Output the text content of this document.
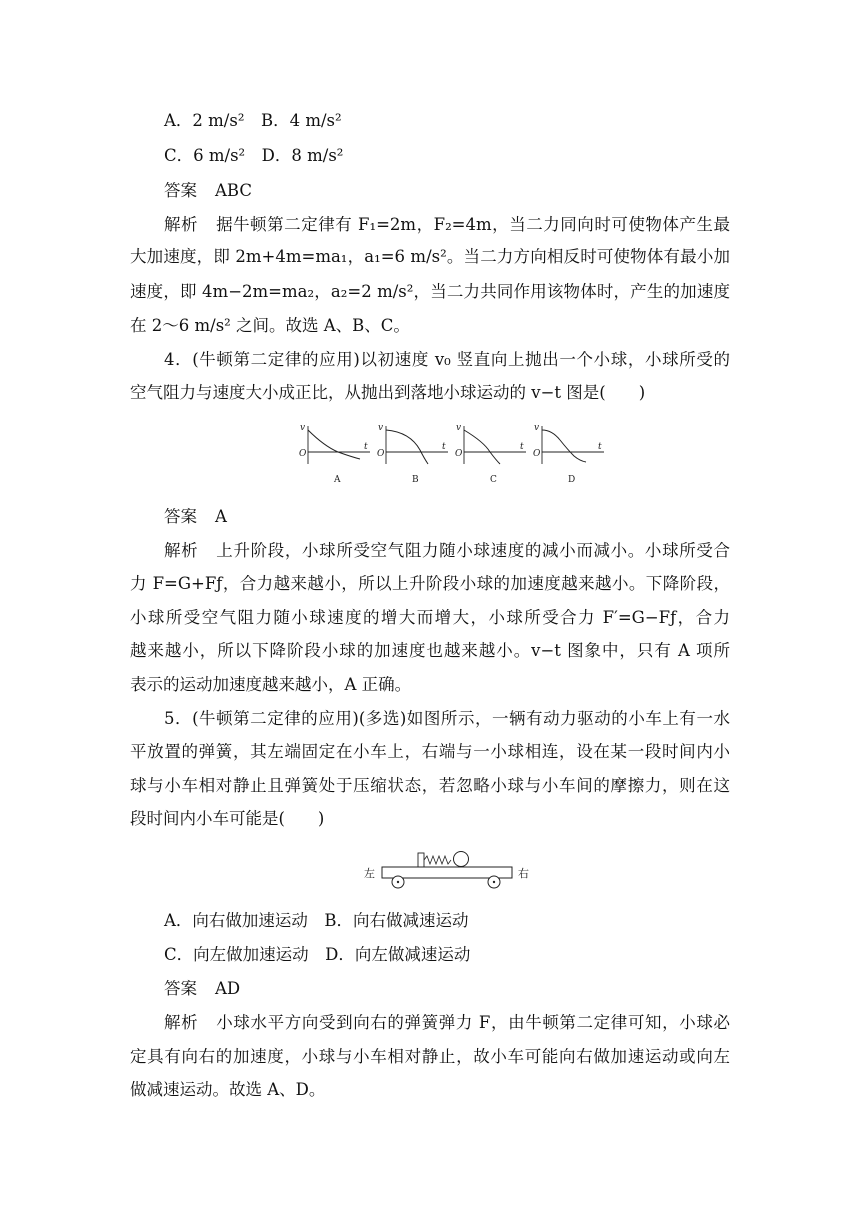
A．2 m/s²　 B．4 m/s²
C．6 m/s²　 D．8 m/s²
答案 ABC
解析 据牛顿第二定律有 F₁=2m，F₂=4m，当二力同向时可使物体产生最
大加速度，即 2m+4m=ma₁，a₁=6 m/s²。当二力方向相反时可使物体有最小加
速度，即 4m−2m=ma₂，a₂=2 m/s²，当二力共同作用该物体时，产生的加速度
在 2～6 m/s² 之间。故选 A、B、C。
4．(牛顿第二定律的应用)以初速度 v₀ 竖直向上抛出一个小球，小球所受的
空气阻力与速度大小成正比，从抛出到落地小球运动的 v−t 图是(　　)
v
O
t
A
v
O
t
B
v
O
t
C
v
O
t
D
答案 A
解析 上升阶段，小球所受空气阻力随小球速度的减小而减小。小球所受合
力 F=G+Fƒ，合力越来越小，所以上升阶段小球的加速度越来越小。下降阶段，
小球所受空气阻力随小球速度的增大而增大，小球所受合力 F′=G−Fƒ，合力
越来越小，所以下降阶段小球的加速度也越来越小。v−t 图象中，只有 A 项所
表示的运动加速度越来越小，A 正确。
5．(牛顿第二定律的应用)(多选)如图所示，一辆有动力驱动的小车上有一水
平放置的弹簧，其左端固定在小车上，右端与一小球相连，设在某一段时间内小
球与小车相对静止且弹簧处于压缩状态，若忽略小球与小车间的摩擦力，则在这
段时间内小车可能是(　　)
左	右
A．向右做加速运动　 B．向右做减速运动
C．向左做加速运动　 D．向左做减速运动
答案 AD
解析 小球水平方向受到向右的弹簧弹力 F，由牛顿第二定律可知，小球必
定具有向右的加速度，小球与小车相对静止，故小车可能向右做加速运动或向左
做减速运动。故选 A、D。
